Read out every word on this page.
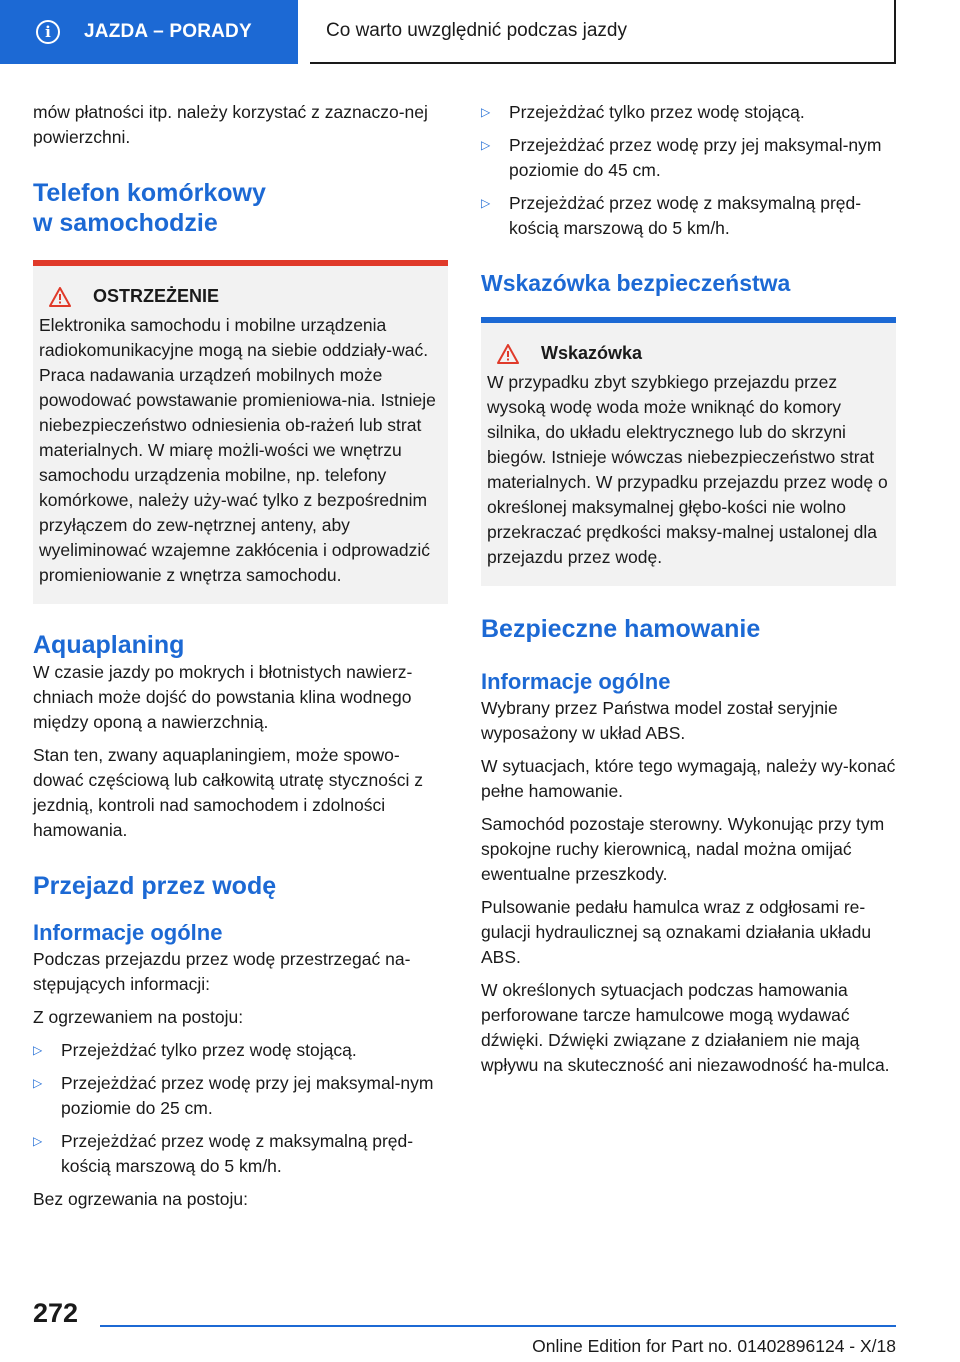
i	JAZDA – PORADY	Co warto uwzględnić podczas jazdy

mów płatności itp. należy korzystać z zaznaczo-nej powierzchni.

Telefon komórkowy
w samochodzie
OSTRZEŻENIE

Elektronika samochodu i mobilne urządzenia radiokomunikacyjne mogą na siebie oddziały-wać. Praca nadawania urządzeń mobilnych może powodować powstawanie promieniowa-nia. Istnieje niebezpieczeństwo odniesienia ob-rażeń lub strat materialnych. W miarę możli-wości we wnętrzu samochodu urządzenia mobilne, np. telefony komórkowe, należy uży-wać tylko z bezpośrednim przyłączem do zew-nętrznej anteny, aby wyeliminować wzajemne zakłócenia i odprowadzić promieniowanie z wnętrza samochodu.

Aquaplaning

W czasie jazdy po mokrych i błotnistych nawierz-chniach może dojść do powstania klina wodnego między oponą a nawierzchnią.

Stan ten, zwany aquaplaningiem, może spowo-dować częściową lub całkowitą utratę styczności z jezdnią, kontroli nad samochodem i zdolności hamowania.

Przejazd przez wodę
Informacje ogólne

Podczas przejazdu przez wodę przestrzegać na-stępujących informacji:

Z ogrzewaniem na postoju:

▷	Przejeżdżać tylko przez wodę stojącą.
▷	Przejeżdżać przez wodę przy jej maksymal-nym poziomie do 25 cm.
▷	Przejeżdżać przez wodę z maksymalną pręd-kością marszową do 5 km/h.

Bez ogrzewania na postoju:

▷	Przejeżdżać tylko przez wodę stojącą.
▷	Przejeżdżać przez wodę przy jej maksymal-nym poziomie do 45 cm.
▷	Przejeżdżać przez wodę z maksymalną pręd-kością marszową do 5 km/h.
Wskazówka bezpieczeństwa
Wskazówka

W przypadku zbyt szybkiego przejazdu przez wysoką wodę woda może wniknąć do komory silnika, do układu elektrycznego lub do skrzyni biegów. Istnieje wówczas niebezpieczeństwo strat materialnych. W przypadku przejazdu przez wodę o określonej maksymalnej głębo-kości nie wolno przekraczać prędkości maksy-malnej ustalonej dla przejazdu przez wodę.

Bezpieczne hamowanie
Informacje ogólne

Wybrany przez Państwa model został seryjnie wyposażony w układ ABS.

W sytuacjach, które tego wymagają, należy wy-konać pełne hamowanie.

Samochód pozostaje sterowny. Wykonując przy tym spokojne ruchy kierownicą, nadal można omijać ewentualne przeszkody.

Pulsowanie pedału hamulca wraz z odgłosami re-gulacji hydraulicznej są oznakami działania układu ABS.

W określonych sytuacjach podczas hamowania perforowane tarcze hamulcowe mogą wydawać dźwięki. Dźwięki związane z działaniem nie mają wpływu na skuteczność ani niezawodność ha-mulca.

272
Online Edition for Part no. 01402896124 - X/18
